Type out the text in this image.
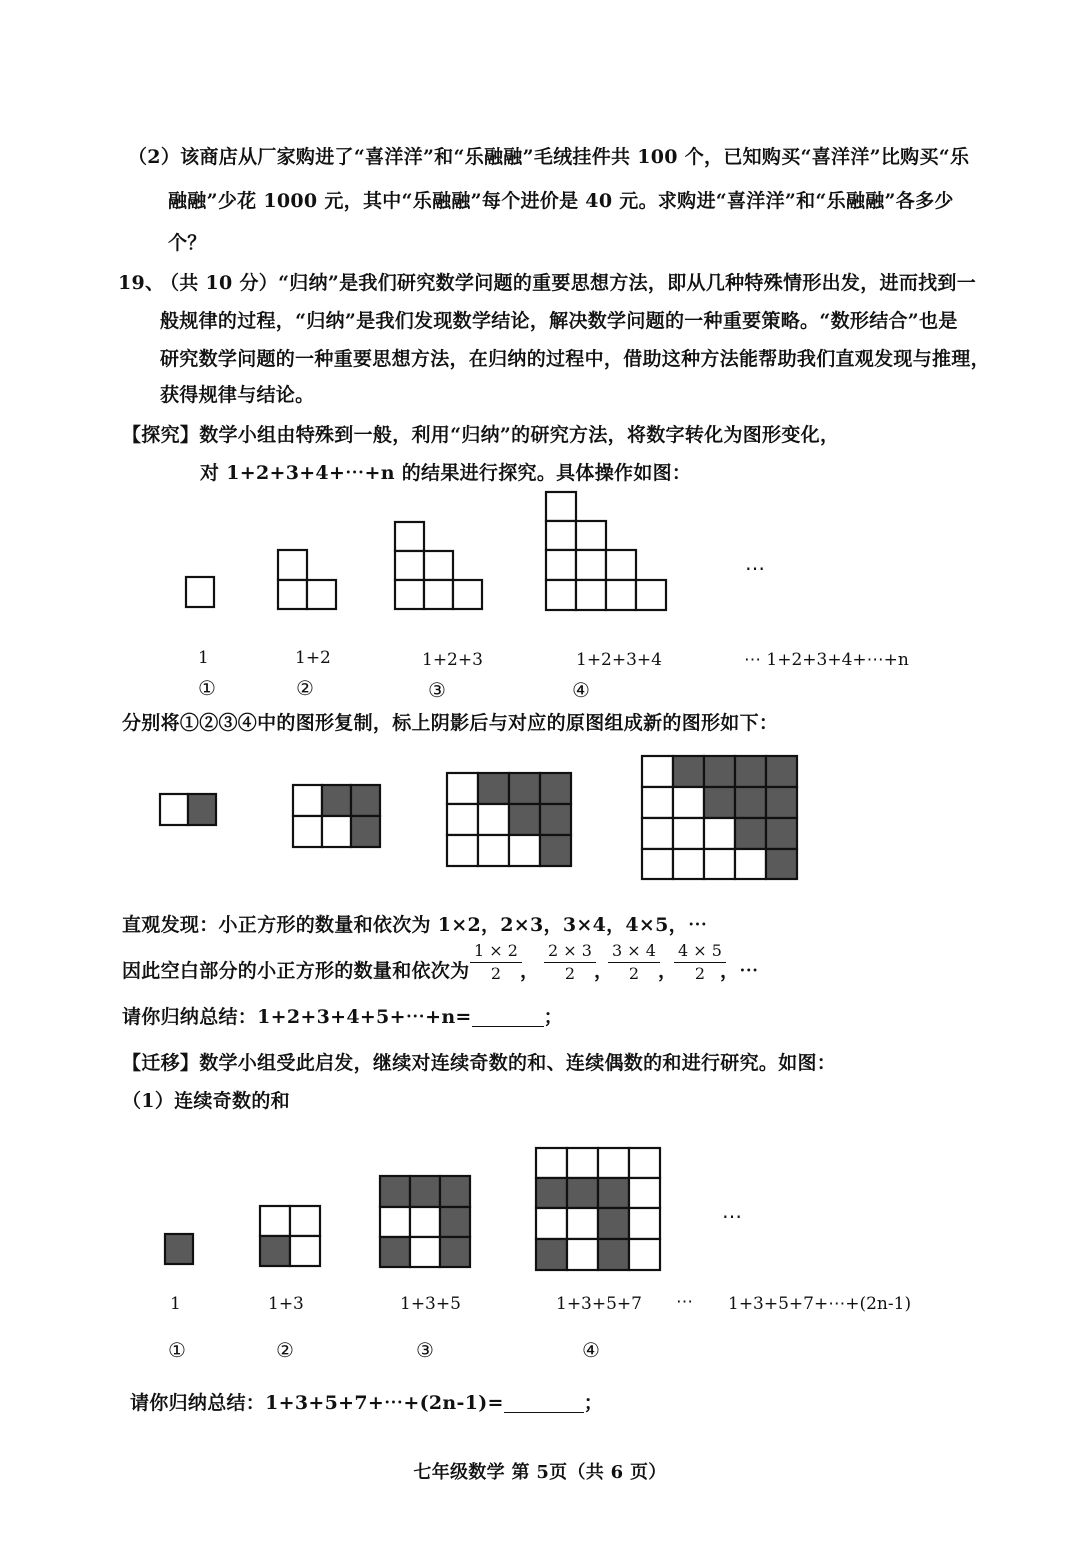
（2）该商店从厂家购进了“喜洋洋”和“乐融融”毛绒挂件共 100 个，已知购买“喜洋洋”比购买“乐
融融”少花 1000 元，其中“乐融融”每个进价是 40 元。求购进“喜洋洋”和“乐融融”各多少
个？
19、
（共 10 分）“归纳”是我们研究数学问题的重要思想方法，即从几种特殊情形出发，进而找到一
般规律的过程，“归纳”是我们发现数学结论，解决数学问题的一种重要策略。“数形结合”也是
研究数学问题的一种重要思想方法，在归纳的过程中，借助这种方法能帮助我们直观发现与推理，
获得规律与结论。
【探究】数学小组由特殊到一般，利用“归纳”的研究方法，将数字转化为图形变化，
对 1+2+3+4+⋯+n 的结果进行探究。具体操作如图：
⋯
1	1+2	1+2+3	1+2+3+4	⋯ 1+2+3+4+⋯+n
①	②	③	④
分别将①②③④中的图形复制，标上阴影后与对应的原图组成新的图形如下：
直观发现：小正方形的数量和依次为 1×2，2×3，3×4，4×5，⋯
因此空白部分的小正方形的数量和依次为 $\frac{1 \times 2}{2}$
， $\frac{2 \times 3}{2}$
，
$\frac{3 \times 4}{2}$
，
$\frac{4 \times 5}{2}$
，⋯
请你归纳总结：1+2+3+4+5+⋯+n=	；
【迁移】数学小组受此启发，继续对连续奇数的和、连续偶数的和进行研究。如图：
（1）连续奇数的和
⋯
1	1+3	1+3+5	1+3+5+7 ⋯ 1+3+5+7+⋯+(2n-1)
①	②	③	④
请你归纳总结：1+3+5+7+⋯+(2n-1)=	；
七年级数学 第 5页（共 6 页）
